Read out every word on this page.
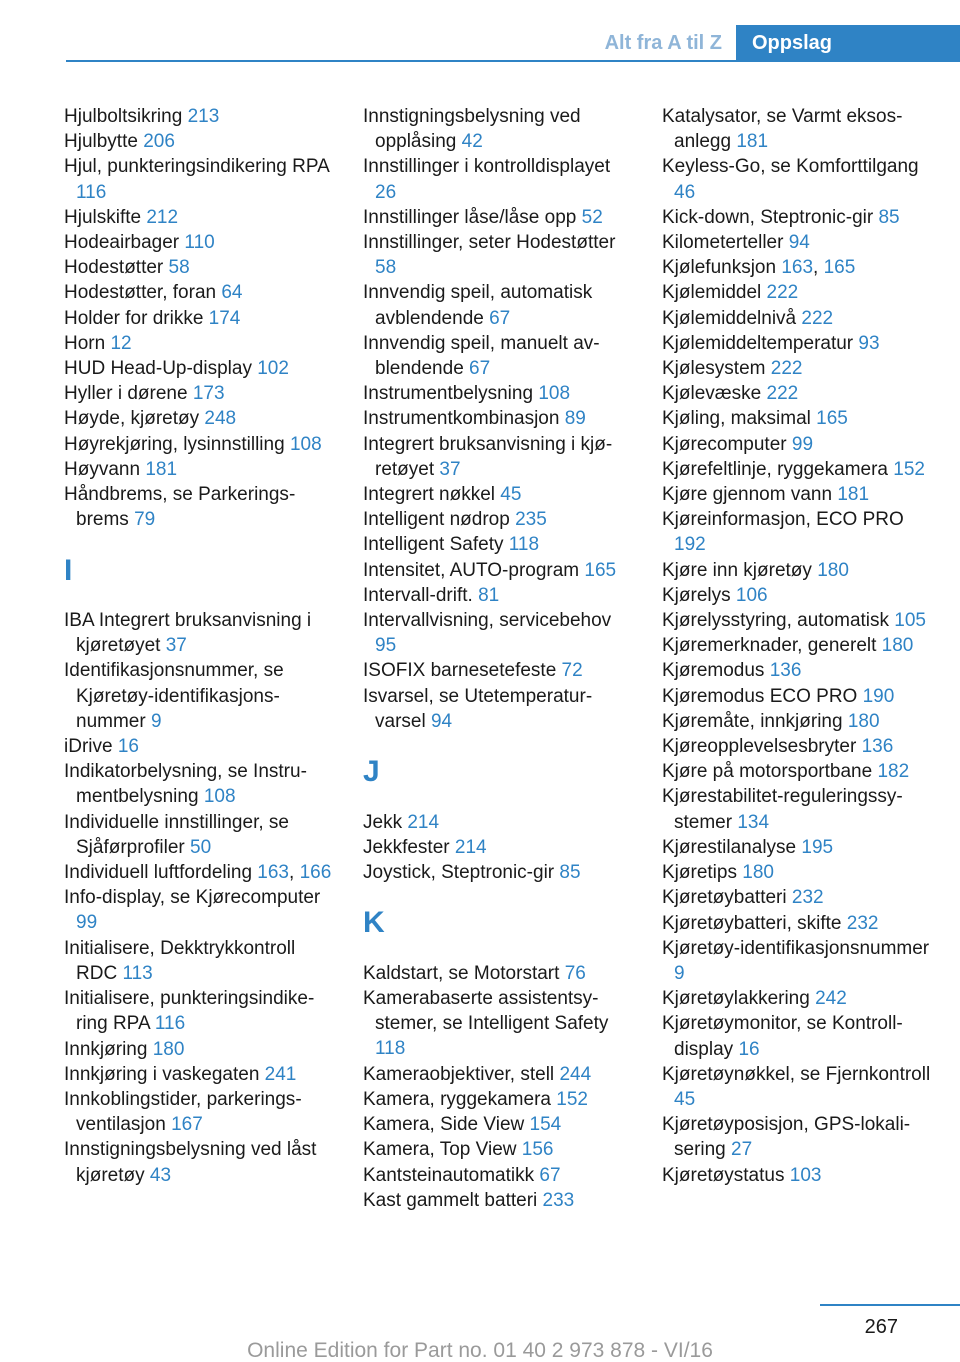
Alt fra A til Z	Oppslag
Hjulboltsikring 213
Hjulbytte 206
Hjul, punkteringsindikering RPA 116
Hjulskifte 212
Hodeairbager 110
Hodestøtter 58
Hodestøtter, foran 64
Holder for drikke 174
Horn 12
HUD Head-Up-display 102
Hyller i dørene 173
Høyde, kjøretøy 248
Høyrekjøring, lysinnstilling 108
Høyvann 181
Håndbrems, se Parkeringsbrems 79
I
IBA Integrert bruksanvisning i kjøretøyet 37
Identifikasjonsnummer, se Kjøretøy-identifikasjonsnummer 9
iDrive 16
Indikatorbelysning, se Instrumentbelysning 108
Individuelle innstillinger, se Sjåførprofiler 50
Individuell luftfordeling 163, 166
Info-display, se Kjørecomputer 99
Initialisere, Dekktrykkontroll RDC 113
Initialisere, punkteringsindikering RPA 116
Innkjøring 180
Innkjøring i vaskegaten 241
Innkoblingstider, parkeringsventilasjon 167
Innstigningsbelysning ved låst kjøretøy 43
Innstigningsbelysning ved opplåsing 42
Innstillinger i kontrolldisplayet 26
Innstillinger låse/låse opp 52
Innstillinger, seter Hodestøtter 58
Innvendig speil, automatisk avblendende 67
Innvendig speil, manuelt avblendende 67
Instrumentbelysning 108
Instrumentkombinasjon 89
Integrert bruksanvisning i kjøretøyet 37
Integrert nøkkel 45
Intelligent nødrop 235
Intelligent Safety 118
Intensitet, AUTO-program 165
Intervall-drift. 81
Intervallvisning, servicebehov 95
ISOFIX barnesetefeste 72
Isvarsel, se Utetemperaturvarsel 94
J
Jekk 214
Jekkfester 214
Joystick, Steptronic-gir 85
K
Kaldstart, se Motorstart 76
Kamerabaserte assistentsystemer, se Intelligent Safety 118
Kameraobjektiver, stell 244
Kamera, ryggekamera 152
Kamera, Side View 154
Kamera, Top View 156
Kantsteinautomatikk 67
Kast gammelt batteri 233
Katalysator, se Varmt eksosanlegg 181
Keyless-Go, se Komforttilgang 46
Kick-down, Steptronic-gir 85
Kilometerteller 94
Kjølefunksjon 163, 165
Kjølemiddel 222
Kjølemiddelnivå 222
Kjølemiddeltemperatur 93
Kjølesystem 222
Kjølevæske 222
Kjøling, maksimal 165
Kjørecomputer 99
Kjørefeltlinje, ryggekamera 152
Kjøre gjennom vann 181
Kjøreinformasjon, ECO PRO 192
Kjøre inn kjøretøy 180
Kjørelys 106
Kjørelysstyring, automatisk 105
Kjøremerknader, generelt 180
Kjøremodus 136
Kjøremodus ECO PRO 190
Kjøremåte, innkjøring 180
Kjøreopplevelsesbryter 136
Kjøre på motorsportbane 182
Kjørestabilitet-reguleringssystemer 134
Kjørestilanalyse 195
Kjøretips 180
Kjøretøybatteri 232
Kjøretøybatteri, skifte 232
Kjøretøy-identifikasjonsnummer 9
Kjøretøylakkering 242
Kjøretøymonitor, se Kontrolldisplay 16
Kjøretøynøkkel, se Fjernkontroll 45
Kjøretøyposisjon, GPS-lokalisering 27
Kjøretøystatus 103
267
Online Edition for Part no. 01 40 2 973 878 - VI/16
